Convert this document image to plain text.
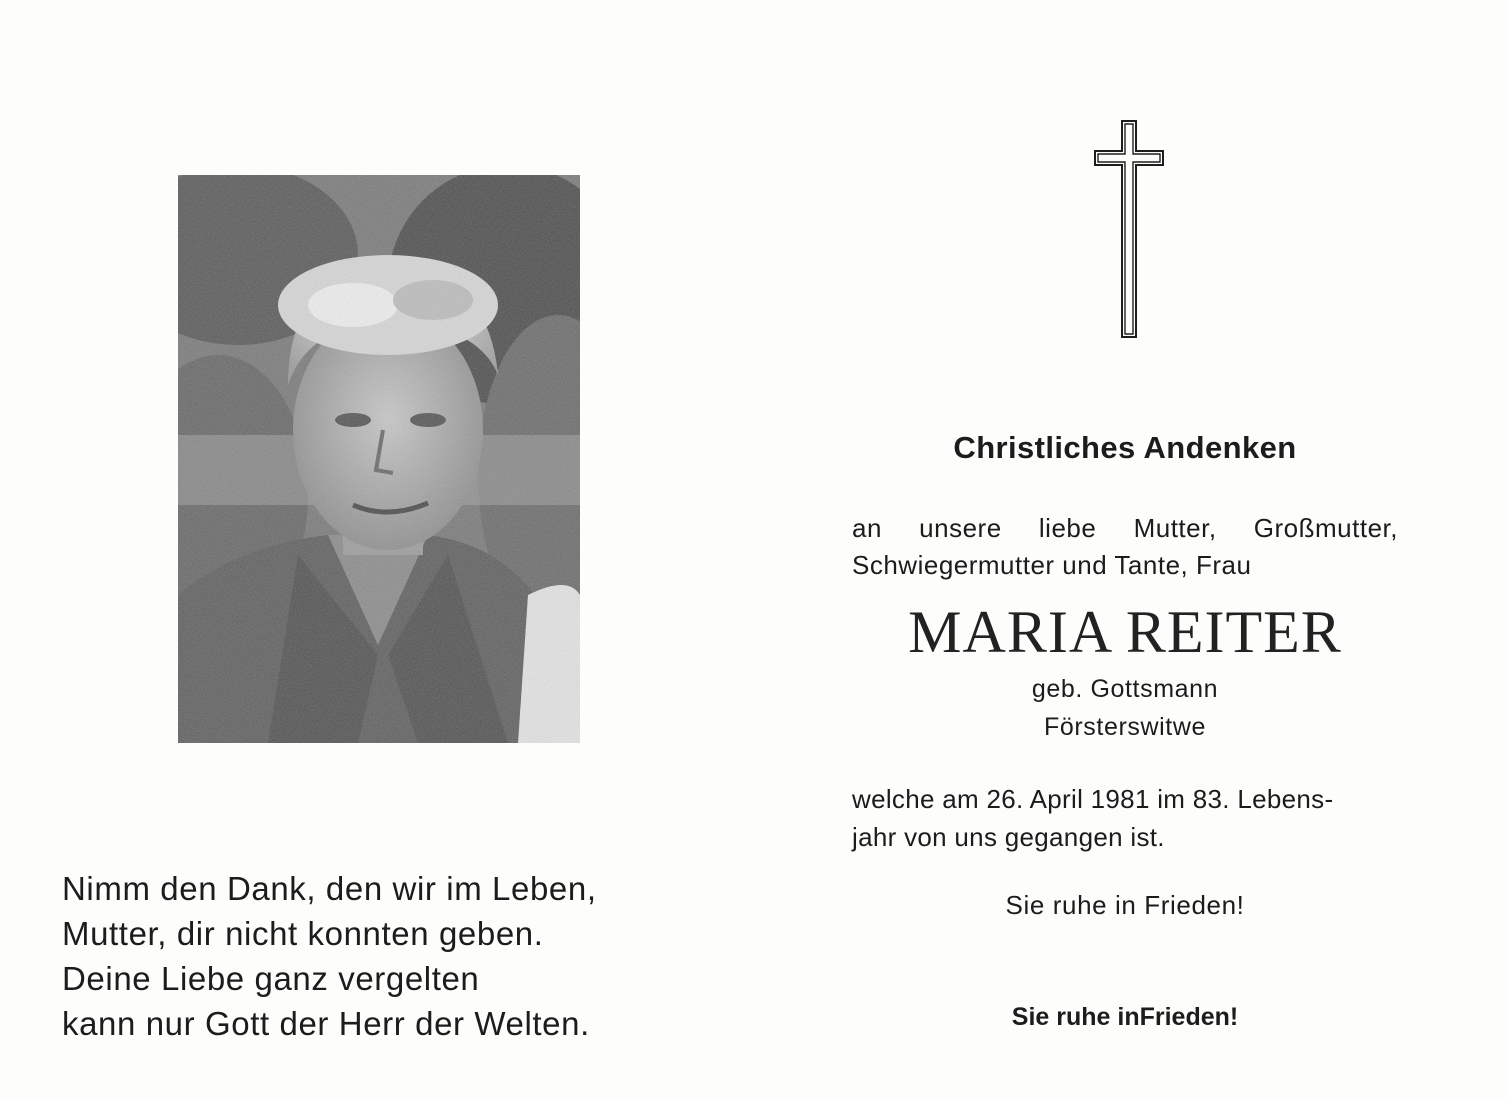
Nimm den Dank, den wir im Leben,
Mutter, dir nicht konnten geben.
Deine Liebe ganz vergelten
kann nur Gott der Herr der Welten.
Christliches Andenken
an unsere liebe Mutter, Großmutter,
Schwiegermutter und Tante, Frau
MARIA REITER
geb. Gottsmann
Försterswitwe
welche am 26. April 1981 im 83. Lebens-
jahr von uns gegangen ist.
Sie ruhe in Frieden!
Sie ruhe inFrieden!
